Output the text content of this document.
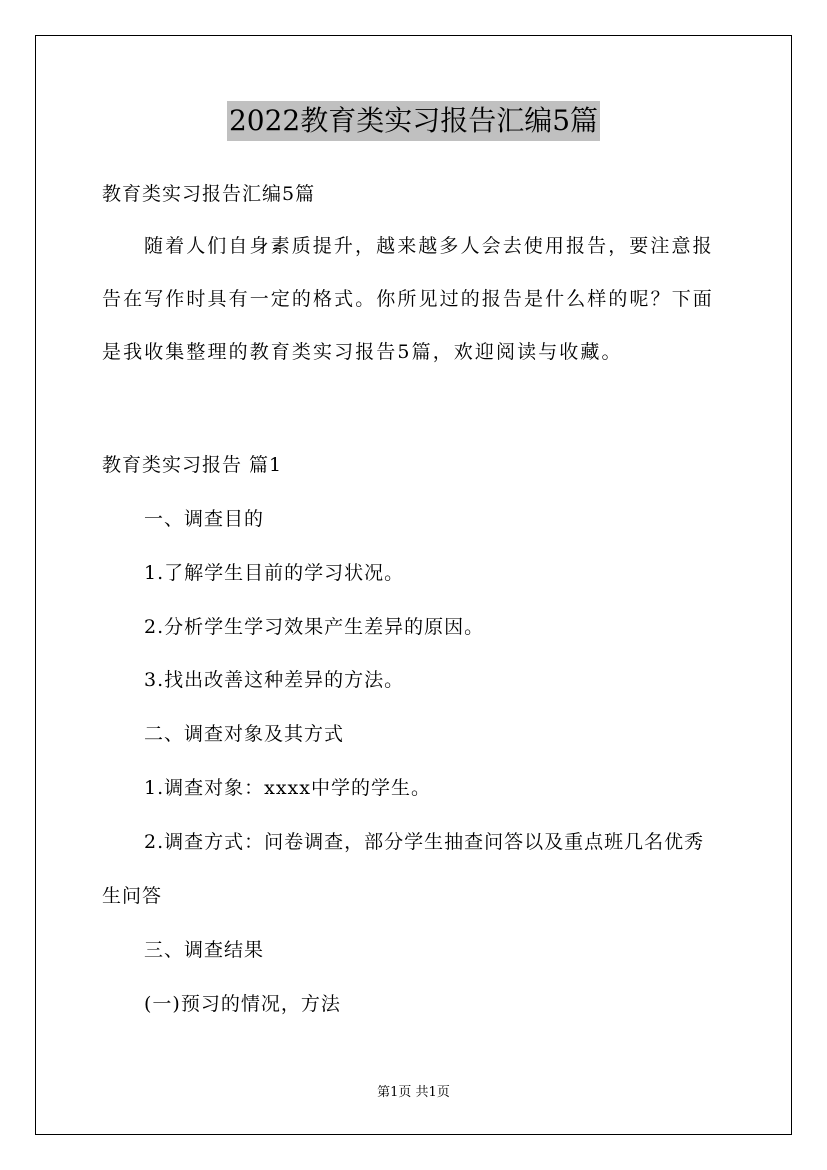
2022教育类实习报告汇编5篇
教育类实习报告汇编5篇
随着人们自身素质提升，越来越多人会去使用报告，要注意报告在写作时具有一定的格式。你所见过的报告是什么样的呢？下面是我收集整理的教育类实习报告5篇，欢迎阅读与收藏。
教育类实习报告 篇1
一、调查目的
1.了解学生目前的学习状况。
2.分析学生学习效果产生差异的原因。
3.找出改善这种差异的方法。
二、调查对象及其方式
1.调查对象：xxxx中学的学生。
2.调查方式：问卷调查，部分学生抽查问答以及重点班几名优秀
生问答
三、调查结果
(一)预习的情况，方法
第1页 共1页
